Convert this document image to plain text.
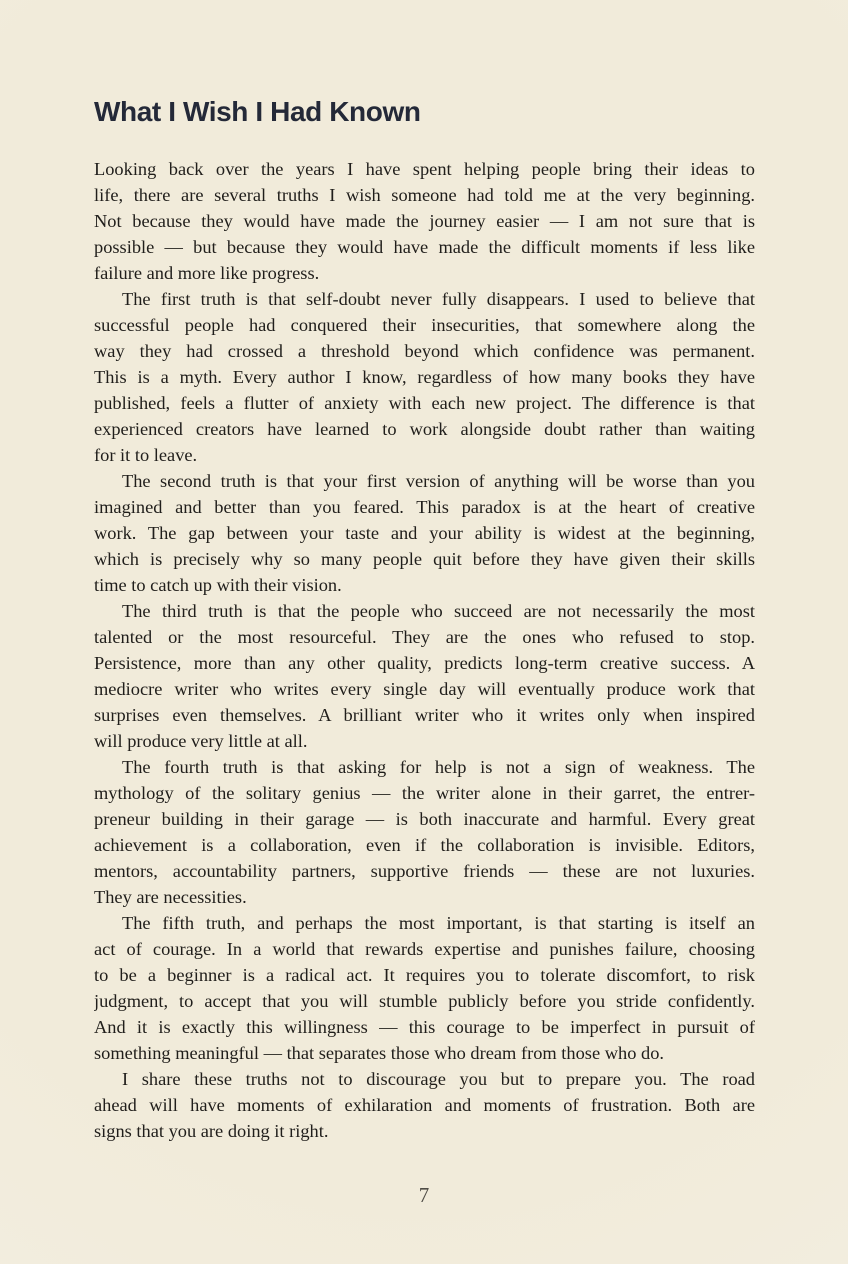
What I Wish I Had Known
Looking back over the years I have spent helping people bring their ideas to
life, there are several truths I wish someone had told me at the very beginning.
Not because they would have made the journey easier — I am not sure that is
possible — but because they would have made the difficult moments if less like
failure and more like progress.
The first truth is that self-doubt never fully disappears. I used to believe that
successful people had conquered their insecurities, that somewhere along the
way they had crossed a threshold beyond which confidence was permanent.
This is a myth. Every author I know, regardless of how many books they have
published, feels a flutter of anxiety with each new project. The difference is that
experienced creators have learned to work alongside doubt rather than waiting
for it to leave.
The second truth is that your first version of anything will be worse than you
imagined and better than you feared. This paradox is at the heart of creative
work. The gap between your taste and your ability is widest at the beginning,
which is precisely why so many people quit before they have given their skills
time to catch up with their vision.
The third truth is that the people who succeed are not necessarily the most
talented or the most resourceful. They are the ones who refused to stop.
Persistence, more than any other quality, predicts long-term creative success. A
mediocre writer who writes every single day will eventually produce work that
surprises even themselves. A brilliant writer who it writes only when inspired
will produce very little at all.
The fourth truth is that asking for help is not a sign of weakness. The
mythology of the solitary genius — the writer alone in their garret, the entrer-
preneur building in their garage — is both inaccurate and harmful. Every great
achievement is a collaboration, even if the collaboration is invisible. Editors,
mentors, accountability partners, supportive friends — these are not luxuries.
They are necessities.
The fifth truth, and perhaps the most important, is that starting is itself an
act of courage. In a world that rewards expertise and punishes failure, choosing
to be a beginner is a radical act. It requires you to tolerate discomfort, to risk
judgment, to accept that you will stumble publicly before you stride confidently.
And it is exactly this willingness — this courage to be imperfect in pursuit of
something meaningful — that separates those who dream from those who do.
I share these truths not to discourage you but to prepare you. The road
ahead will have moments of exhilaration and moments of frustration. Both are
signs that you are doing it right.
7
